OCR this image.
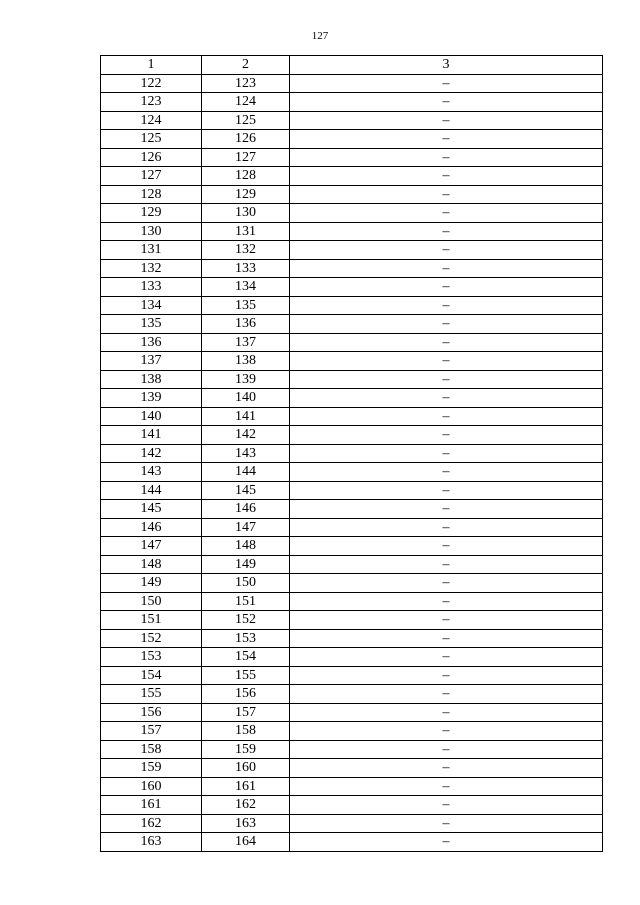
127
1	2	3
122	123	–
123	124	–
124	125	–
125	126	–
126	127	–
127	128	–
128	129	–
129	130	–
130	131	–
131	132	–
132	133	–
133	134	–
134	135	–
135	136	–
136	137	–
137	138	–
138	139	–
139	140	–
140	141	–
141	142	–
142	143	–
143	144	–
144	145	–
145	146	–
146	147	–
147	148	–
148	149	–
149	150	–
150	151	–
151	152	–
152	153	–
153	154	–
154	155	–
155	156	–
156	157	–
157	158	–
158	159	–
159	160	–
160	161	–
161	162	–
162	163	–
163	164	–
